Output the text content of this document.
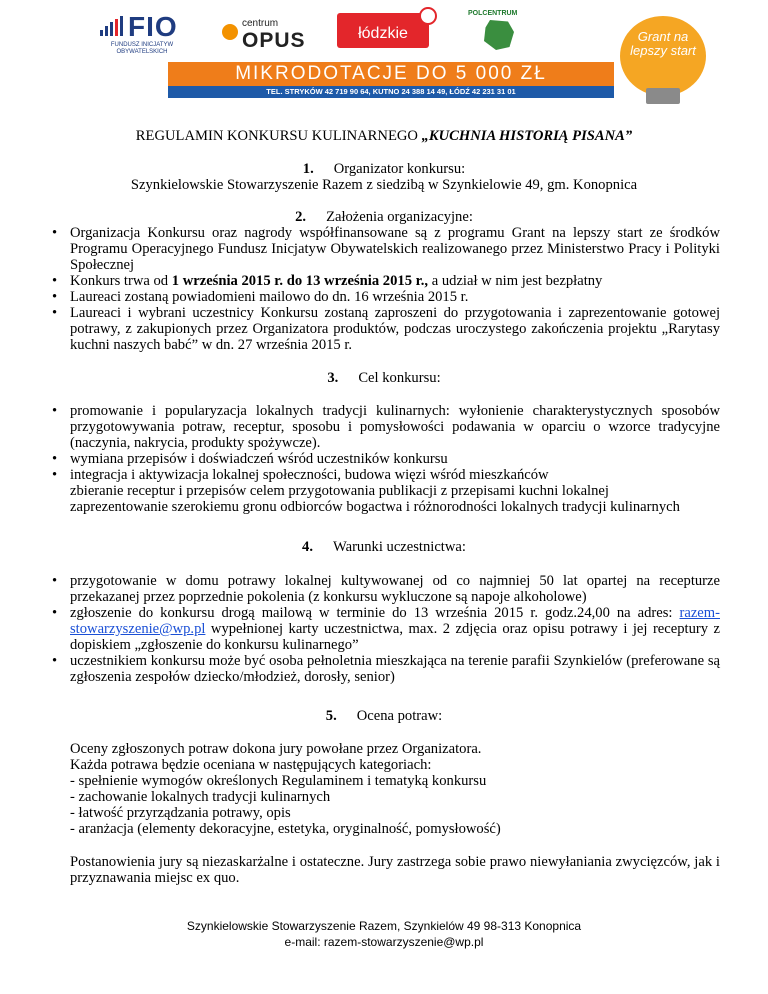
FIO
FUNDUSZ INICJATYW OBYWATELSKICH
centrum
OPUS	łódzkie
POLCENTRUM
MIKRODOTACJE DO 5 000 ZŁ
TEL. STRYKÓW 42 719 90 64, KUTNO 24 388 14 49, ŁÓDŹ 42 231 31 01
Grant na lepszy start

REGULAMIN KONKURSU KULINARNEGO „KUCHNIA HISTORIĄ PISANA”

1. Organizator konkursu:

Szynkielowskie Stowarzyszenie Razem z siedzibą w Szynkielowie 49, gm. Konopnica

2. Założenia organizacyjne:

• Organizacja Konkursu oraz nagrody współfinansowane są z programu Grant na lepszy start ze środków Programu Operacyjnego Fundusz Inicjatyw Obywatelskich realizowanego przez Ministerstwo Pracy i Polityki Społecznej
• Konkurs trwa od 1 września 2015 r. do 13 września 2015 r., a udział w nim jest bezpłatny
• Laureaci zostaną powiadomieni mailowo do dn. 16 września 2015 r.
• Laureaci i wybrani uczestnicy Konkursu zostaną zaproszeni do przygotowania i zaprezentowanie gotowej potrawy, z zakupionych przez Organizatora produktów, podczas uroczystego zakończenia projektu „Rarytasy kuchni naszych babć” w dn. 27 września 2015 r.

3. Cel konkursu:

• promowanie i popularyzacja lokalnych tradycji kulinarnych: wyłonienie charakterystycznych sposobów przygotowywania potraw, receptur, sposobu i pomysłowości podawania w oparciu o wzorce tradycyjne (naczynia, nakrycia, produkty spożywcze).
• wymiana przepisów i doświadczeń wśród uczestników konkursu
• integracja i aktywizacja lokalnej społeczności, budowa więzi wśród mieszkańców
zbieranie receptur i przepisów celem przygotowania publikacji z przepisami kuchni lokalnej
zaprezentowanie szerokiemu gronu odbiorców bogactwa i różnorodności lokalnych tradycji kulinarnych

4. Warunki uczestnictwa:

• przygotowanie w domu potrawy lokalnej kultywowanej od co najmniej 50 lat opartej na recepturze przekazanej przez poprzednie pokolenia (z konkursu wykluczone są napoje alkoholowe)
• zgłoszenie do konkursu drogą mailową w terminie do 13 września 2015 r. godz.24,00 na adres: razem-stowarzyszenie@wp.pl wypełnionej karty uczestnictwa, max. 2 zdjęcia oraz opisu potrawy i jej receptury z dopiskiem „zgłoszenie do konkursu kulinarnego”
• uczestnikiem konkursu może być osoba pełnoletnia mieszkająca na terenie parafii Szynkielów (preferowane są zgłoszenia zespołów dziecko/młodzież, dorosły, senior)

5. Ocena potraw:

Oceny zgłoszonych potraw dokona jury powołane przez Organizatora.
Każda potrawa będzie oceniana w następujących kategoriach:
- spełnienie wymogów określonych Regulaminem i tematyką konkursu
- zachowanie lokalnych tradycji kulinarnych
- łatwość przyrządzania potrawy, opis
- aranżacja (elementy dekoracyjne, estetyka, oryginalność, pomysłowość)
Postanowienia jury są niezaskarżalne i ostateczne. Jury zastrzega sobie prawo niewyłaniania zwycięzców, jak i przyznawania miejsc ex quo.
Szynkielowskie Stowarzyszenie Razem, Szynkielów 49 98-313 Konopnica
e-mail: razem-stowarzyszenie@wp.pl
